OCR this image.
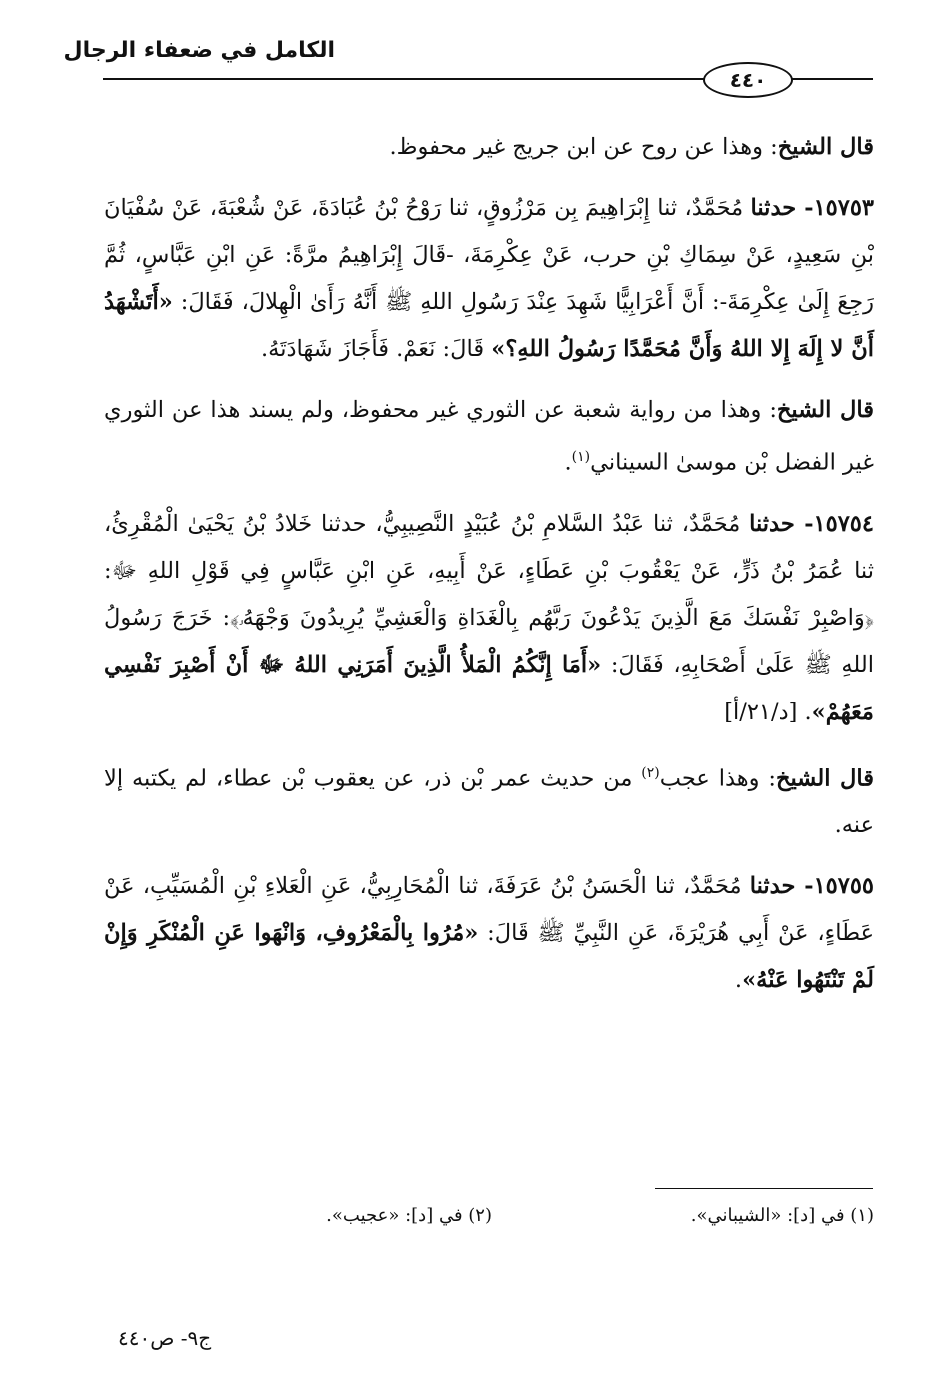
الكامل في ضعفاء الرجال
٤٤٠

قال الشيخ: وهذا عن روح عن ابن جريج غير محفوظ.

١٥٧٥٣- حدثنا مُحَمَّدٌ، ثنا إِبْرَاهِيمَ بِن مَرْزُوقٍ، ثنا رَوْحُ بْنُ عُبَادَةَ، عَنْ شُعْبَةَ، عَنْ سُفْيَانَ بْنِ سَعِيدٍ، عَنْ سِمَاكِ بْنِ حرب، عَنْ عِكْرِمَةَ، -قَالَ إِبْرَاهِيمُ مرَّةً: عَنِ ابْنِ عَبَّاسٍ، ثُمَّ رَجِعَ إِلَىٰ عِكْرِمَةَ-: أَنَّ أَعْرَابِيًّا شَهِدَ عِنْدَ رَسُولِ اللهِ ﷺ أَنَّهُ رَأَىٰ الْهِلالَ، فَقَالَ: «أَتَشْهَدُ أَنَّ لا إِلَهَ إِلا اللهُ وَأَنَّ مُحَمَّدًا رَسُولُ اللهِ؟» قَالَ: نَعَمْ. فَأَجَازَ شَهَادَتَهُ.

قال الشيخ: وهذا من رواية شعبة عن الثوري غير محفوظ، ولم يسند هذا عن الثوري غير الفضل بْن موسىٰ السيناني$^{(١)}$.

١٥٧٥٤- حدثنا مُحَمَّدٌ، ثنا عَبْدُ السَّلامِ بْنُ عُبَيْدٍ النَّصِيبِيُّ، حدثنا خَلادُ بْنُ يَحْيَىٰ الْمُقْرِئُ، ثنا عُمَرُ بْنُ ذَرٍّ، عَنْ يَعْقُوبَ بْنِ عَطَاءٍ، عَنْ أَبِيهِ، عَنِ ابْنِ عَبَّاسٍ فِي قَوْلِ اللهِ ﷻ: ﴿وَاصْبِرْ نَفْسَكَ مَعَ الَّذِينَ يَدْعُونَ رَبَّهُم بِالْغَدَاةِ وَالْعَشِيِّ يُرِيدُونَ وَجْهَهُۥ﴾: خَرَجَ رَسُولُ اللهِ ﷺ عَلَىٰ أَصْحَابِهِ، فَقَالَ: «أَمَا إِنَّكُمُ الْمَلأُ الَّذِينَ أَمَرَنِي اللهُ ﷻ أَنْ أَصْبِرَ نَفْسِي مَعَهُمْ». [د/٢١/أ]

قال الشيخ: وهذا عجب$^{(٢)}$ من حديث عمر بْن ذر، عن يعقوب بْن عطاء، لم يكتبه إلا عنه.

١٥٧٥٥- حدثنا مُحَمَّدٌ، ثنا الْحَسَنُ بْنُ عَرَفَةَ، ثنا الْمُحَارِبِيُّ، عَنِ الْعَلاءِ بْنِ الْمُسَيِّبِ، عَنْ عَطَاءٍ، عَنْ أَبِي هُرَيْرَةَ، عَنِ النَّبِيِّ ﷺ قَالَ: «مُرُوا بِالْمَعْرُوفِ، وَانْهَوا عَنِ الْمُنْكَرِ وَإِنْ لَمْ تَنْتَهُوا عَنْهُ».

(١) في [د]: «الشيباني».
(٢) في [د]: «عجيب».
ج٩- ص٤٤٠
